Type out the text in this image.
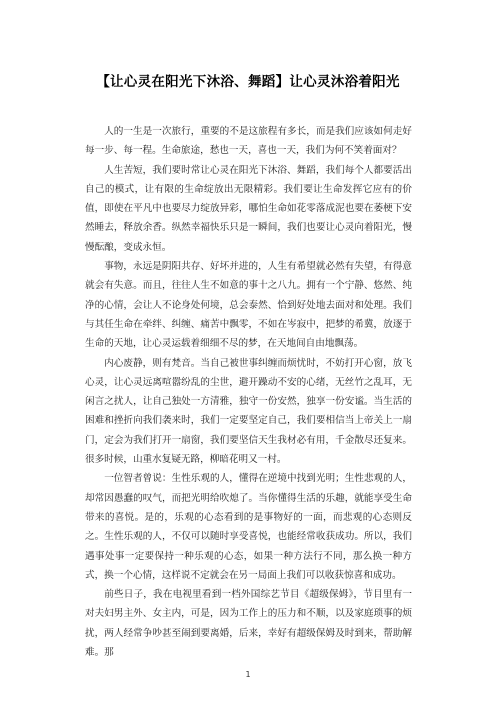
【让心灵在阳光下沐浴、舞蹈】让心灵沐浴着阳光

人的一生是一次旅行，重要的不是这旅程有多长，而是我们应该如何走好每一步、每一程。生命旅途，愁也一天，喜也一天，我们为何不笑着面对？

人生苦短，我们要时常让心灵在阳光下沐浴、舞蹈，我们每个人都要活出自己的模式，让有限的生命绽放出无限精彩。我们要让生命发挥它应有的价值，即使在平凡中也要尽力绽放异彩，哪怕生命如花零落成泥也要在萎梗下安然睡去，释放余香。纵然幸福快乐只是一瞬间，我们也要让心灵向着阳光，慢慢酝酿，变成永恒。

事物，永远是阴阳共存、好坏并进的，人生有希望就必然有失望，有得意就会有失意。而且，往往人生不如意的事十之八九。拥有一个宁静、悠然、纯净的心情，会让人不论身处何境，总会泰然、恰到好处地去面对和处理。我们与其任生命在牵绊、纠缠、痛苦中飘零，不如在岑寂中，把梦的希冀，放逐于生命的天地，让心灵运载着细细不尽的梦，在天地间自由地飘荡。

内心废静，则有梵音。当自己被世事纠缠而烦忧时，不妨打开心窗，放飞心灵，让心灵远离喧嚣纷乱的尘世，避开躁动不安的心绪，无丝竹之乱耳，无闲言之扰人，让自己独处一方清雅，独守一份安然，独享一份安谧。当生活的困难和挫折向我们袭来时，我们一定要坚定自己，我们要相信当上帝关上一扇门，定会为我们打开一扇窗，我们要坚信天生我材必有用，千金散尽还复来。很多时候，山重水复疑无路，柳暗花明又一村。

一位智者曾说：生性乐观的人，懂得在逆境中找到光明；生性悲观的人，却常因愚蠢的叹气，而把光明给吹熄了。当你懂得生活的乐趣，就能享受生命带来的喜悦。是的，乐观的心态看到的是事物好的一面，而悲观的心态则反之。生性乐观的人，不仅可以随时享受喜悦，也能经常收获成功。所以，我们遇事处事一定要保持一种乐观的心态，如果一种方法行不同，那么换一种方式，换一个心情，这样说不定就会在另一局面上我们可以收获惊喜和成功。

前些日子，我在电视里看到一档外国综艺节目《超级保姆》，节目里有一对夫妇男主外、女主内，可是，因为工作上的压力和不顺，以及家庭琐事的烦扰，两人经常争吵甚至闹到要离婚，后来，幸好有超级保姆及时到来，帮助解难。那

1
